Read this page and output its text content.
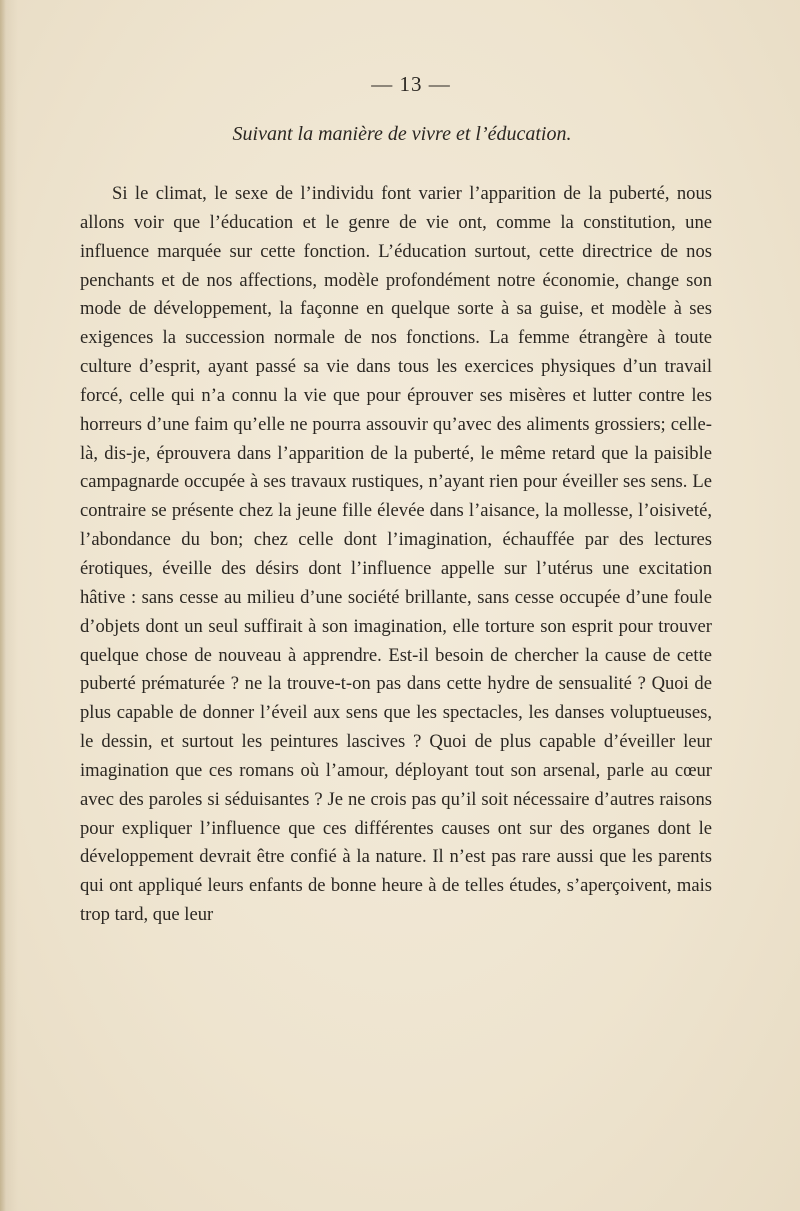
— 13 —
Suivant la manière de vivre et l’éducation.

Si le climat, le sexe de l’individu font varier l’apparition de la puberté, nous allons voir que l’éducation et le genre de vie ont, comme la constitution, une influence marquée sur cette fonction. L’éducation surtout, cette directrice de nos penchants et de nos affections, modèle profondément notre économie, change son mode de développement, la façonne en quelque sorte à sa guise, et modèle à ses exigences la succession normale de nos fonctions. La femme étrangère à toute culture d’esprit, ayant passé sa vie dans tous les exercices physiques d’un travail forcé, celle qui n’a connu la vie que pour éprouver ses misères et lutter contre les horreurs d’une faim qu’elle ne pourra assouvir qu’avec des aliments grossiers; celle-là, dis-je, éprouvera dans l’apparition de la puberté, le même retard que la paisible campagnarde occupée à ses travaux rustiques, n’ayant rien pour éveiller ses sens. Le contraire se présente chez la jeune fille élevée dans l’aisance, la mollesse, l’oisiveté, l’abondance du bon; chez celle dont l’imagination, échauffée par des lectures érotiques, éveille des désirs dont l’influence appelle sur l’utérus une excitation hâtive : sans cesse au milieu d’une société brillante, sans cesse occupée d’une foule d’objets dont un seul suffirait à son imagination, elle torture son esprit pour trouver quelque chose de nouveau à apprendre. Est-il besoin de chercher la cause de cette puberté prématurée ? ne la trouve-t-on pas dans cette hydre de sensualité ? Quoi de plus capable de donner l’éveil aux sens que les spectacles, les danses voluptueuses, le dessin, et surtout les peintures lascives ? Quoi de plus capable d’éveiller leur imagination que ces romans où l’amour, déployant tout son arsenal, parle au cœur avec des paroles si séduisantes ? Je ne crois pas qu’il soit nécessaire d’autres raisons pour expliquer l’influence que ces différentes causes ont sur des organes dont le développement devrait être confié à la nature. Il n’est pas rare aussi que les parents qui ont appliqué leurs enfants de bonne heure à de telles études, s’aperçoivent, mais trop tard, que leur
